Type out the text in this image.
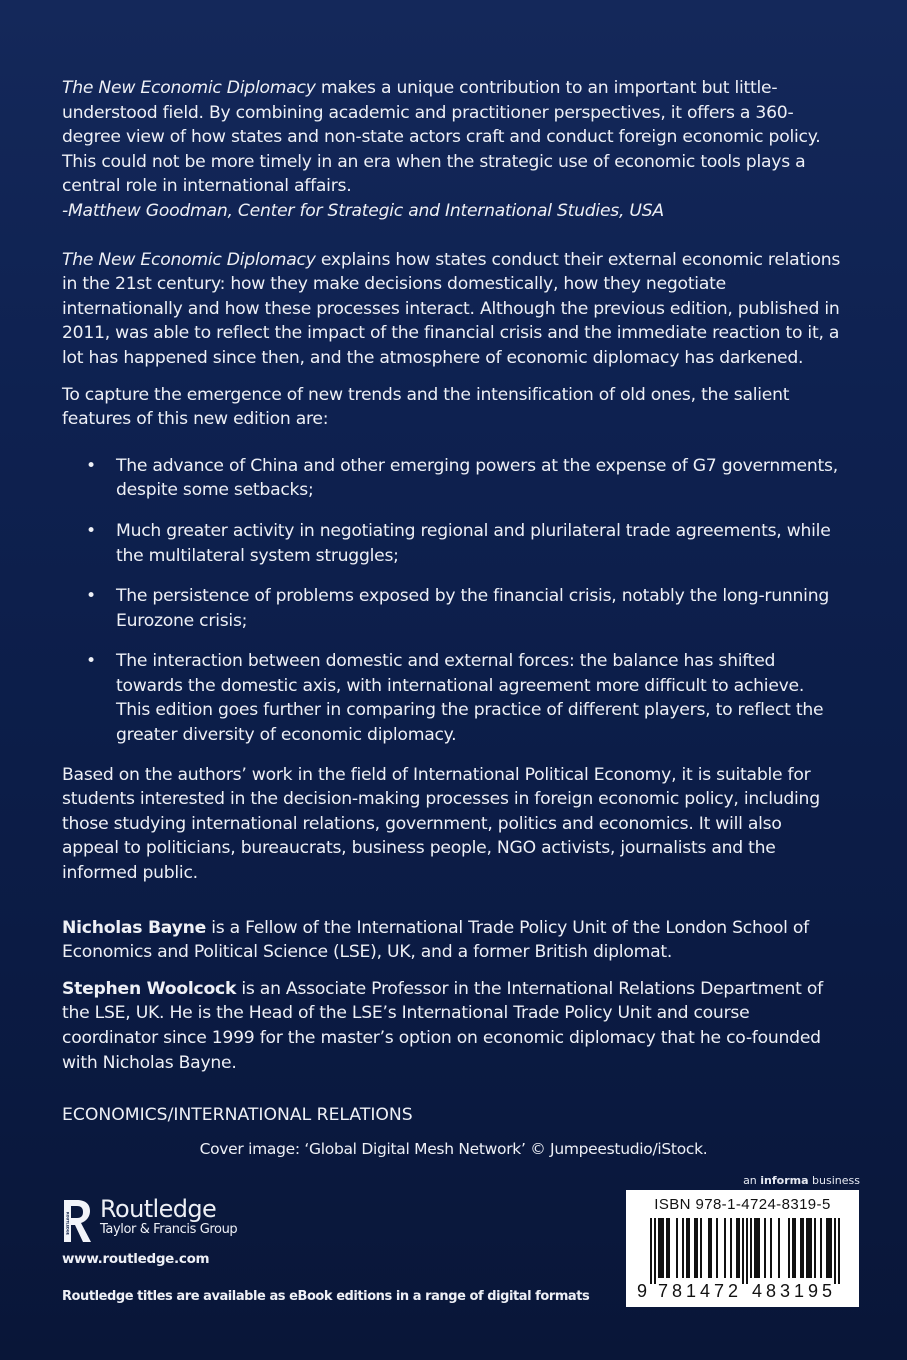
The New Economic Diplomacy makes a unique contribution to an important but little-understood field. By combining academic and practitioner perspectives, it offers a 360-degree view of how states and non-state actors craft and conduct foreign economic policy. This could not be more timely in an era when the strategic use of economic tools plays a central role in international affairs.

-Matthew Goodman, Center for Strategic and International Studies, USA

The New Economic Diplomacy explains how states conduct their external economic relations in the 21st century: how they make decisions domestically, how they negotiate internationally and how these processes interact. Although the previous edition, published in 2011, was able to reflect the impact of the financial crisis and the immediate reaction to it, a lot has happened since then, and the atmosphere of economic diplomacy has darkened.

To capture the emergence of new trends and the intensification of old ones, the salient features of this new edition are:

• The advance of China and other emerging powers at the expense of G7 governments, despite some setbacks;
• Much greater activity in negotiating regional and plurilateral trade agreements, while the multilateral system struggles;
• The persistence of problems exposed by the financial crisis, notably the long-running Eurozone crisis;
• The interaction between domestic and external forces: the balance has shifted towards the domestic axis, with international agreement more difficult to achieve. This edition goes further in comparing the practice of different players, to reflect the greater diversity of economic diplomacy.

Based on the authors’ work in the field of International Political Economy, it is suitable for students interested in the decision-making processes in foreign economic policy, including those studying international relations, government, politics and economics. It will also appeal to politicians, bureaucrats, business people, NGO activists, journalists and the informed public.

Nicholas Bayne is a Fellow of the International Trade Policy Unit of the London School of Economics and Political Science (LSE), UK, and a former British diplomat.

Stephen Woolcock is an Associate Professor in the International Relations Department of the LSE, UK. He is the Head of the LSE’s International Trade Policy Unit and course coordinator since 1999 for the master’s option on economic diplomacy that he co-founded with Nicholas Bayne.

ECONOMICS/INTERNATIONAL RELATIONS

Cover image: ‘Global Digital Mesh Network’ © Jumpeestudio/iStock.

ROUTLEDGE
Routledge
Taylor & Francis Group
www.routledge.com
Routledge titles are available as eBook editions in a range of digital formats
an informa business
ISBN 978-1-4724-8319-5
9 781472 483195
